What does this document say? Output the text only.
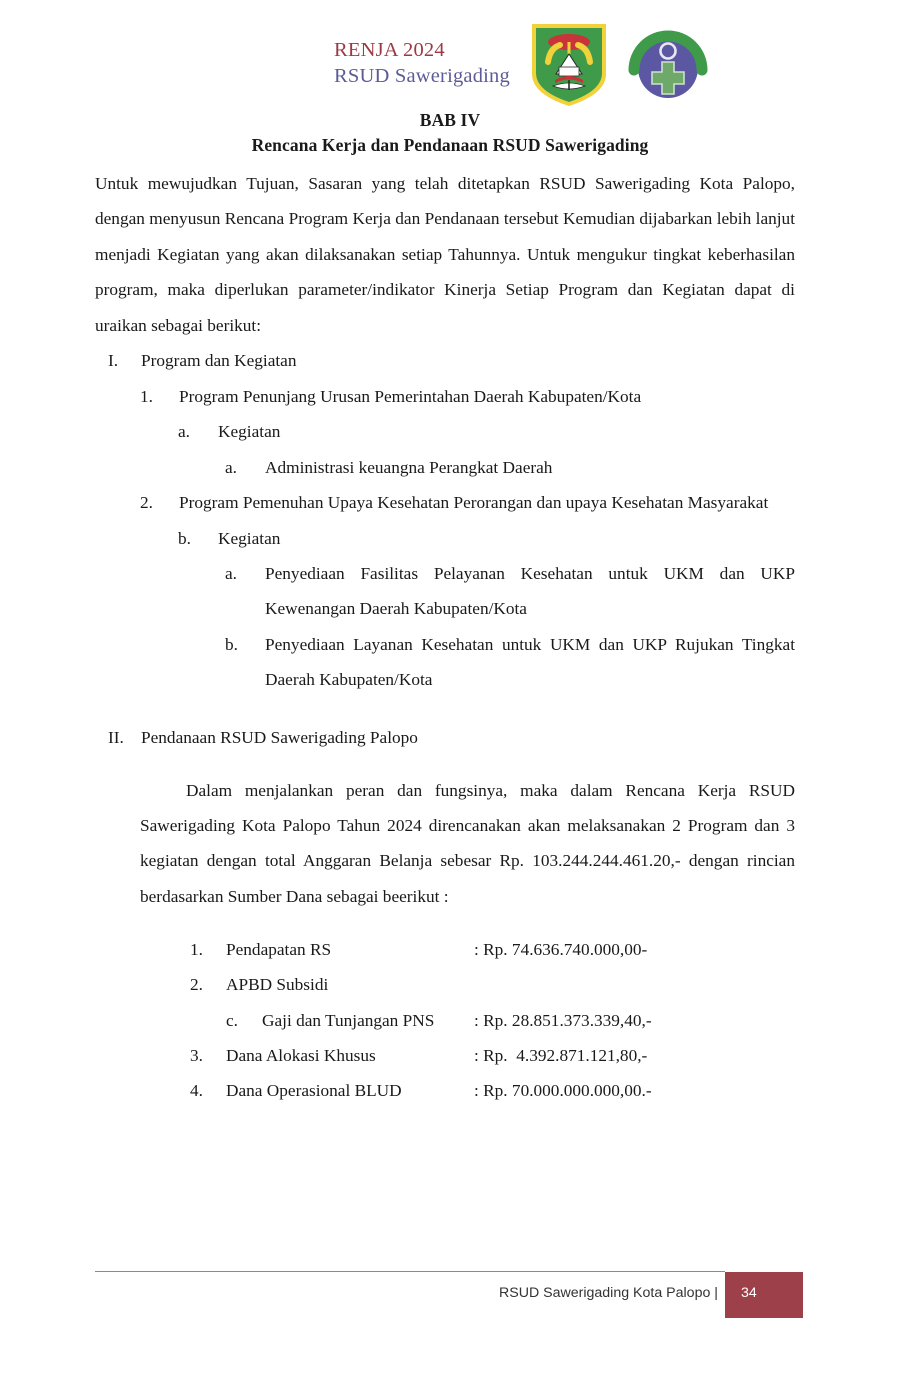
RENJA 2024
RSUD Sawerigading
BAB IV
Rencana Kerja dan Pendanaan RSUD Sawerigading

Untuk mewujudkan Tujuan, Sasaran yang telah ditetapkan RSUD Sawerigading Kota Palopo, dengan menyusun Rencana Program Kerja dan Pendanaan tersebut Kemudian dijabarkan lebih lanjut menjadi Kegiatan yang akan dilaksanakan setiap Tahunnya. Untuk mengukur tingkat keberhasilan program, maka diperlukan parameter/indikator Kinerja Setiap Program dan Kegiatan dapat di uraikan sebagai berikut:

I.	Program dan Kegiatan
1.	Program Penunjang Urusan Pemerintahan Daerah Kabupaten/Kota
a.	Kegiatan
a.	Administrasi keuangna Perangkat Daerah
2.	Program Pemenuhan Upaya Kesehatan Perorangan dan upaya Kesehatan Masyarakat
b.	Kegiatan
a.	Penyediaan Fasilitas Pelayanan Kesehatan untuk UKM dan UKP Kewenangan Daerah Kabupaten/Kota
b.	Penyediaan Layanan Kesehatan untuk UKM dan UKP Rujukan Tingkat Daerah Kabupaten/Kota
II. Pendanaan RSUD Sawerigading Palopo

Dalam menjalankan peran dan fungsinya, maka dalam Rencana Kerja RSUD Sawerigading Kota Palopo Tahun 2024 direncanakan akan melaksanakan 2 Program dan 3 kegiatan dengan total Anggaran Belanja sebesar Rp. 103.244.244.461.20,- dengan rincian berdasarkan Sumber Dana sebagai beerikut :

1.	Pendapatan RS	: Rp. 74.636.740.000,00-
2.	APBD Subsidi
c.	Gaji dan Tunjangan PNS	: Rp. 28.851.373.339,40,-
3.	Dana Alokasi Khusus	: Rp.  4.392.871.121,80,-
4.	Dana Operasional BLUD	: Rp. 70.000.000.000,00.-
RSUD Sawerigading Kota Palopo | 34
